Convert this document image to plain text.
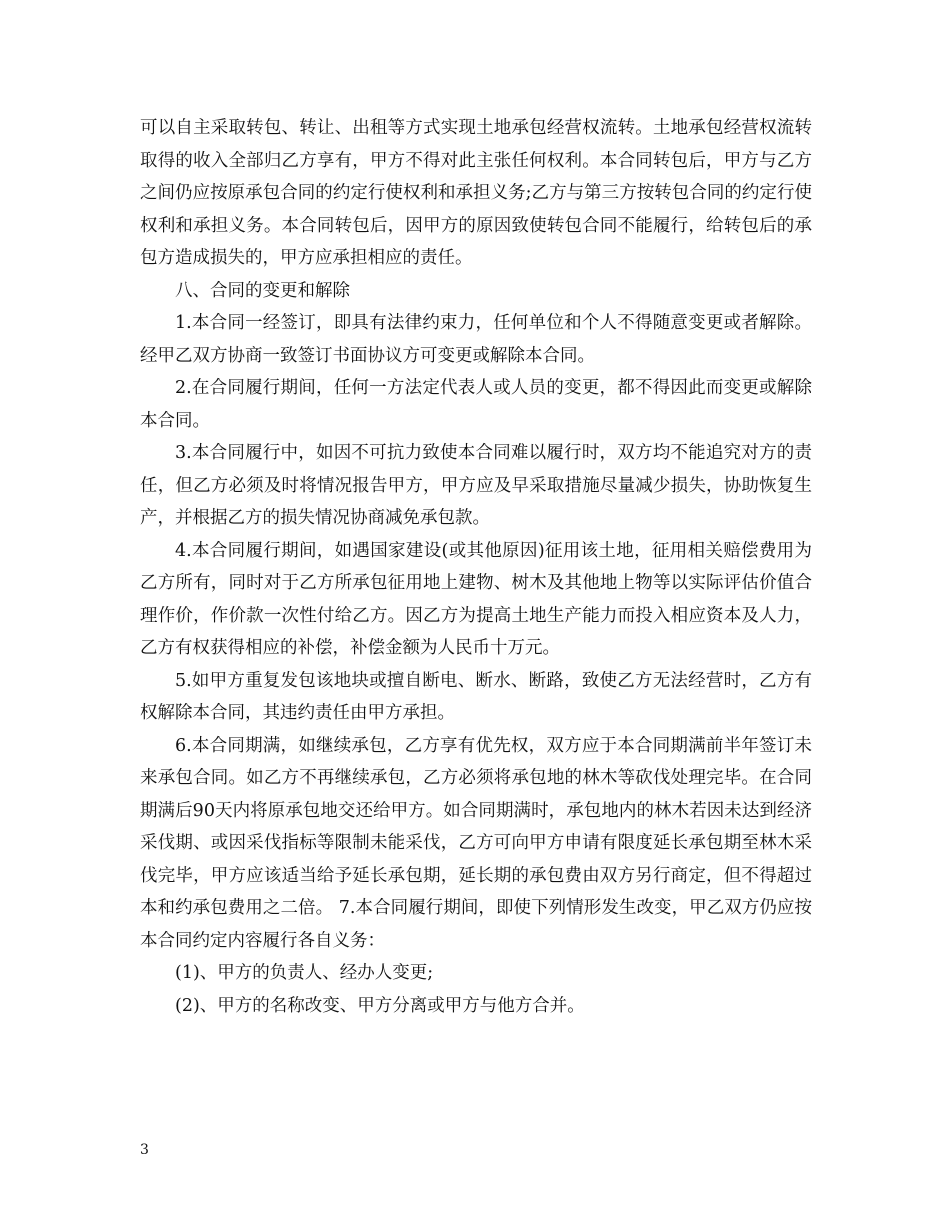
可以自主采取转包、转让、出租等方式实现土地承包经营权流转。土地承包经营权流转取得的收入全部归乙方享有，甲方不得对此主张任何权利。本合同转包后，甲方与乙方之间仍应按原承包合同的约定行使权利和承担义务;乙方与第三方按转包合同的约定行使权利和承担义务。本合同转包后，因甲方的原因致使转包合同不能履行，给转包后的承包方造成损失的，甲方应承担相应的责任。

八、合同的变更和解除

1.本合同一经签订，即具有法律约束力，任何单位和个人不得随意变更或者解除。经甲乙双方协商一致签订书面协议方可变更或解除本合同。

2.在合同履行期间，任何一方法定代表人或人员的变更，都不得因此而变更或解除本合同。

3.本合同履行中，如因不可抗力致使本合同难以履行时，双方均不能追究对方的责任，但乙方必须及时将情况报告甲方，甲方应及早采取措施尽量减少损失，协助恢复生产，并根据乙方的损失情况协商减免承包款。

4.本合同履行期间，如遇国家建设(或其他原因)征用该土地，征用相关赔偿费用为乙方所有，同时对于乙方所承包征用地上建物、树木及其他地上物等以实际评估价值合理作价，作价款一次性付给乙方。因乙方为提高土地生产能力而投入相应资本及人力，乙方有权获得相应的补偿，补偿金额为人民币十万元。

5.如甲方重复发包该地块或擅自断电、断水、断路，致使乙方无法经营时，乙方有权解除本合同，其违约责任由甲方承担。

6.本合同期满，如继续承包，乙方享有优先权，双方应于本合同期满前半年签订未来承包合同。如乙方不再继续承包，乙方必须将承包地的林木等砍伐处理完毕。在合同期满后90天内将原承包地交还给甲方。如合同期满时，承包地内的林木若因未达到经济采伐期、或因采伐指标等限制未能采伐，乙方可向甲方申请有限度延长承包期至林木采伐完毕，甲方应该适当给予延长承包期，延长期的承包费由双方另行商定，但不得超过本和约承包费用之二倍。 7.本合同履行期间，即使下列情形发生改变，甲乙双方仍应按本合同约定内容履行各自义务：

(1)、甲方的负责人、经办人变更;

(2)、甲方的名称改变、甲方分离或甲方与他方合并。

3
